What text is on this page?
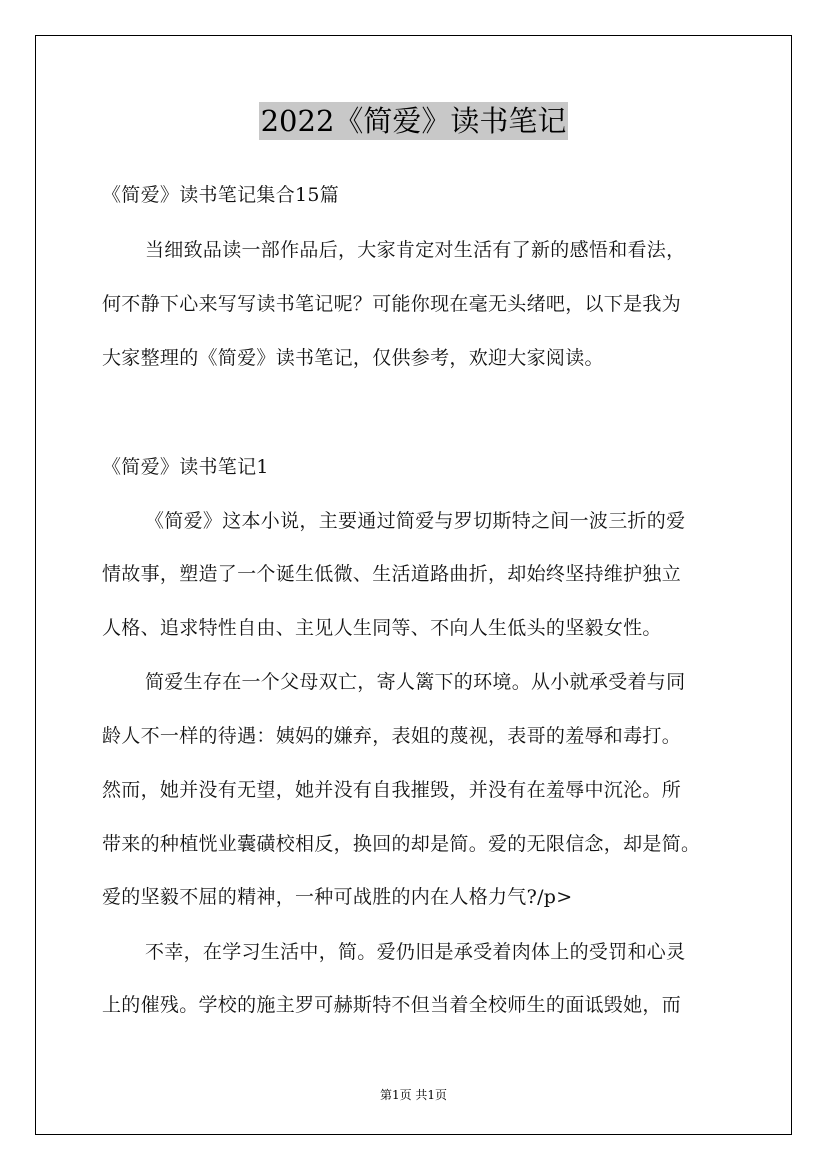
2022《简爱》读书笔记
《简爱》读书笔记集合15篇
当细致品读一部作品后，大家肯定对生活有了新的感悟和看法，
何不静下心来写写读书笔记呢？可能你现在毫无头绪吧，以下是我为
大家整理的《简爱》读书笔记，仅供参考，欢迎大家阅读。
《简爱》读书笔记1
《简爱》这本小说，主要通过简爱与罗切斯特之间一波三折的爱
情故事，塑造了一个诞生低微、生活道路曲折，却始终坚持维护独立
人格、追求特性自由、主见人生同等、不向人生低头的坚毅女性。
简爱生存在一个父母双亡，寄人篱下的环境。从小就承受着与同
龄人不一样的待遇：姨妈的嫌弃，表姐的蔑视，表哥的羞辱和毒打。
然而，她并没有无望，她并没有自我摧毁，并没有在羞辱中沉沦。所
带来的种植恍业囊磺校相反，换回的却是简。爱的无限信念，却是简。
爱的坚毅不屈的精神，一种可战胜的内在人格力气?/p>
不幸，在学习生活中，简。爱仍旧是承受着肉体上的受罚和心灵
上的催残。学校的施主罗可赫斯特不但当着全校师生的面诋毁她，而
第1页 共1页
